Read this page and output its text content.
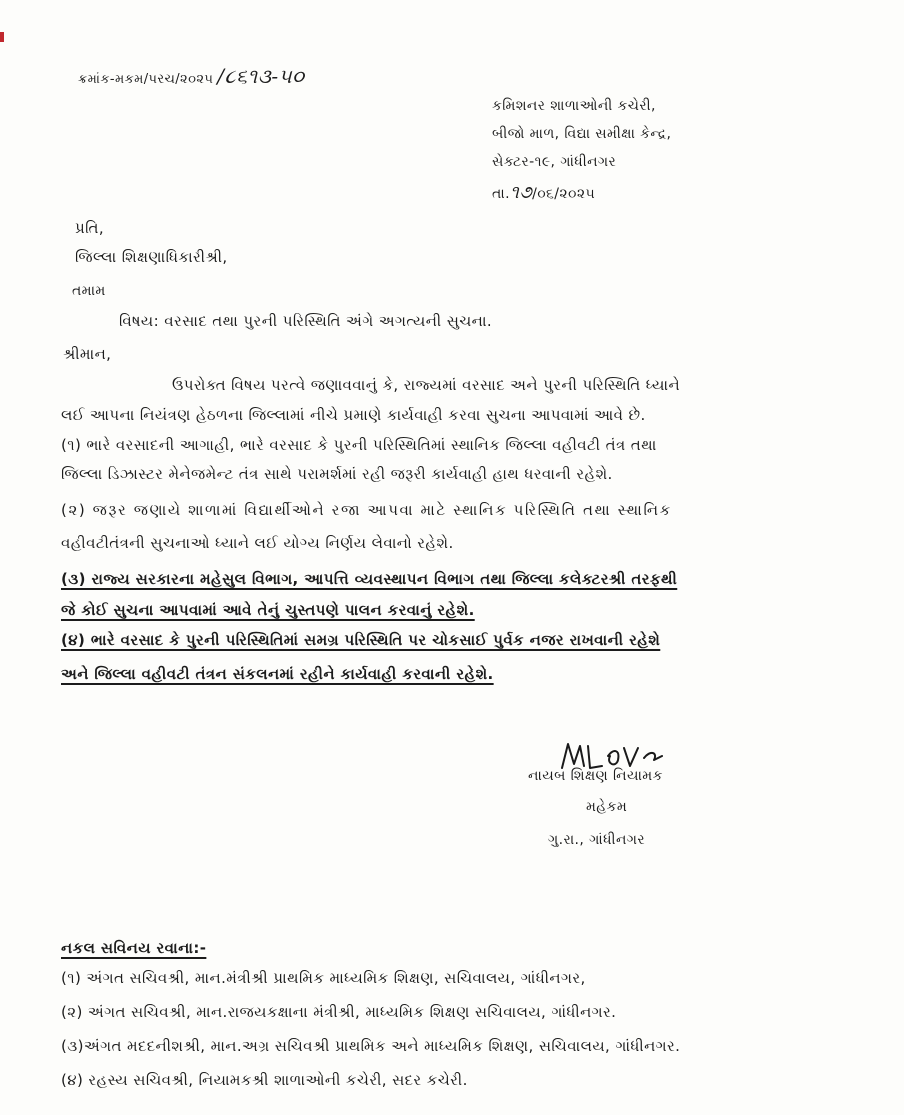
ક્રમાંક-મકમ/પરચ/૨૦૨૫ /૮૬૧૩-૫૦
કમિશનર શાળાઓની કચેરી,
બીજો માળ, વિદ્યા સમીક્ષા કેન્દ્ર,
સેક્ટર-૧૯, ગાંધીનગર
તા.૧૭/૦૬/૨૦૨૫
પ્રતિ,
જિલ્લા શિક્ષણાધિકારીશ્રી,
તમામ
વિષય: વરસાદ તથા પુરની પરિસ્થિતિ અંગે અગત્યની સુચના.
શ્રીમાન,
ઉપરોક્ત વિષય પરત્વે જણાવવાનું કે, રાજ્યમાં વરસાદ અને પુરની પરિસ્થિતિ ધ્યાને
લઈ આપના નિયંત્રણ હેઠળના જિલ્લામાં નીચે પ્રમાણે કાર્યવાહી કરવા સુચના આપવામાં આવે છે.
(૧) ભારે વરસાદની આગાહી, ભારે વરસાદ કે પુરની પરિસ્થિતિમાં સ્થાનિક જિલ્લા વહીવટી તંત્ર તથા
જિલ્લા ડિઝાસ્ટર મેનેજમેન્ટ તંત્ર સાથે પરામર્શમાં રહી જરૂરી કાર્યવાહી હાથ ધરવાની રહેશે.
(૨) જરૂર જણાયે શાળામાં વિદ્યાર્થીઓને રજા આપવા માટે સ્થાનિક પરિસ્થિતિ તથા સ્થાનિક
વહીવટીતંત્રની સુચનાઓ ધ્યાને લઈ યોગ્ય નિર્ણય લેવાનો રહેશે.
(૩) રાજ્ય સરકારના મહેસુલ વિભાગ, આપત્તિ વ્યવસ્થાપન વિભાગ તથા જિલ્લા કલેક્ટરશ્રી તરફથી
જે કોઈ સુચના આપવામાં આવે તેનું ચુસ્તપણે પાલન કરવાનું રહેશે.
(૪) ભારે વરસાદ કે પુરની પરિસ્થિતિમાં સમગ્ર પરિસ્થિતિ પર ચોકસાઈ પુર્વક નજર રાખવાની રહેશે
અને જિલ્લા વહીવટી તંત્રન સંકલનમાં રહીને કાર્યવાહી કરવાની રહેશે.
નાયબ શિક્ષણ નિયામક
મહેકમ
ગુ.રા., ગાંધીનગર
નકલ સવિનય રવાના:-
(૧) અંગત સચિવશ્રી, માન.મંત્રીશ્રી પ્રાથમિક માધ્યમિક શિક્ષણ, સચિવાલય, ગાંધીનગર,
(૨) અંગત સચિવશ્રી, માન.રાજયકક્ષાના મંત્રીશ્રી, માધ્યમિક શિક્ષણ સચિવાલય, ગાંધીનગર.
(૩)અંગત મદદનીશશ્રી, માન.અગ્ર સચિવશ્રી પ્રાથમિક અને માધ્યમિક શિક્ષણ, સચિવાલય, ગાંધીનગર.
(૪) રહસ્ય સચિવશ્રી, નિયામકશ્રી શાળાઓની કચેરી, સદર કચેરી.
